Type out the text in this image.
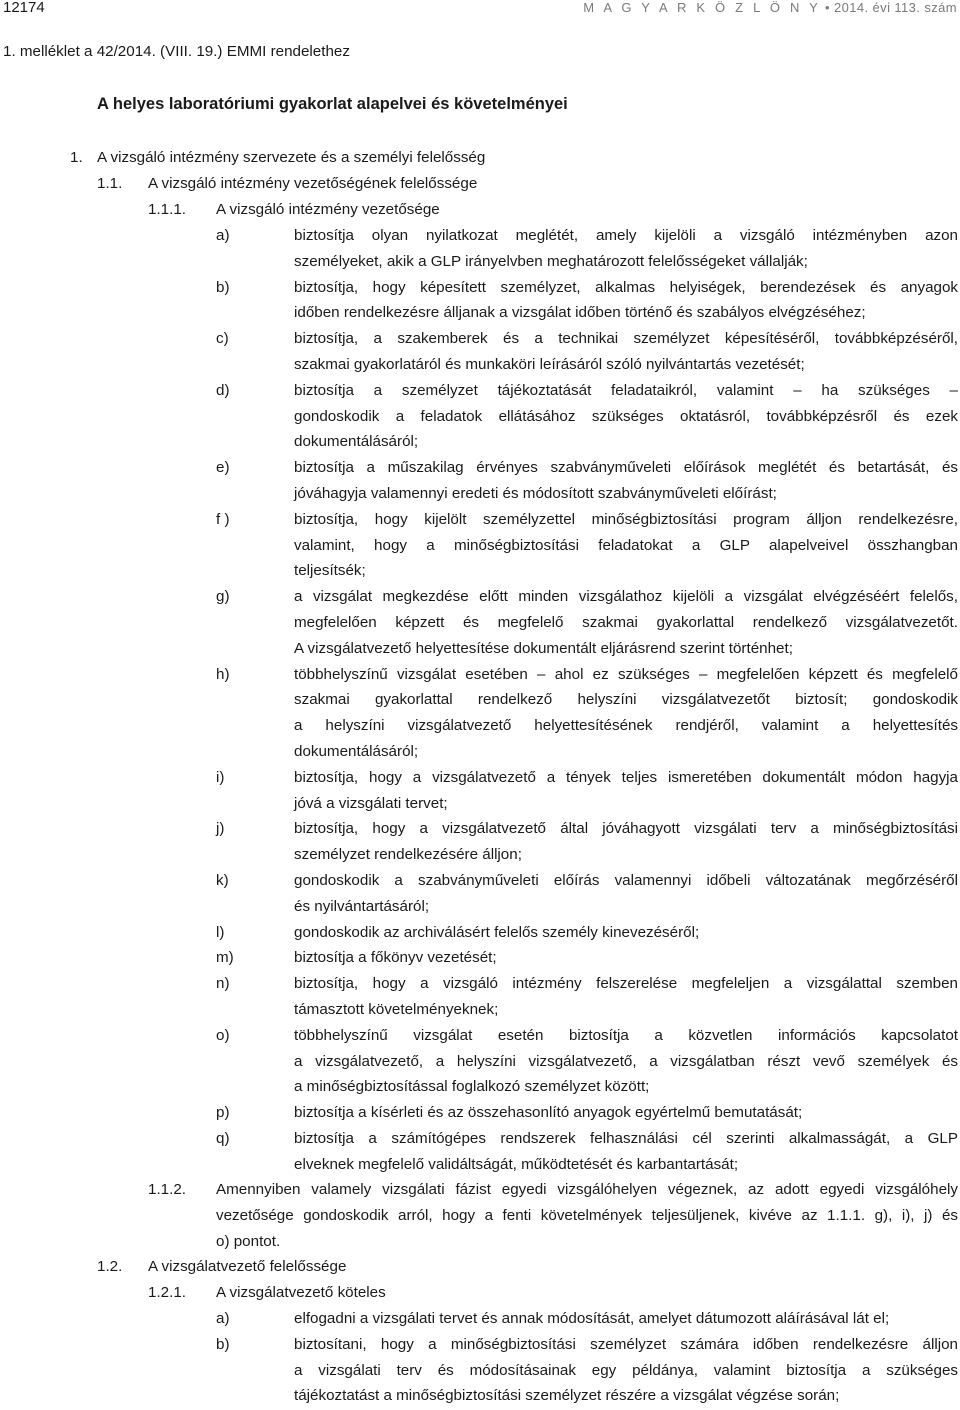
12174	M A G Y A R K Ö Z L Ö N Y • 2014. évi 113. szám
1. melléklet a 42/2014. (VIII. 19.) EMMI rendelethez
A helyes laboratóriumi gyakorlat alapelvei és követelményei
1. A vizsgáló intézmény szervezete és a személyi felelősség
1.1. A vizsgáló intézmény vezetőségének felelőssége
1.1.1. A vizsgáló intézmény vezetősége
a)	biztosítja olyan nyilatkozat meglétét, amely kijelöli a vizsgáló intézményben azon
személyeket, akik a GLP irányelvben meghatározott felelősségeket vállalják;
b)	biztosítja, hogy képesített személyzet, alkalmas helyiségek, berendezések és anyagok
időben rendelkezésre álljanak a vizsgálat időben történő és szabályos elvégzéséhez;
c)	biztosítja, a szakemberek és a technikai személyzet képesítéséről, továbbképzéséről,
szakmai gyakorlatáról és munkaköri leírásáról szóló nyilvántartás vezetését;
d)	biztosítja a személyzet tájékoztatását feladataikról, valamint – ha szükséges –
gondoskodik a feladatok ellátásához szükséges oktatásról, továbbképzésről és ezek
dokumentálásáról;
e)	biztosítja a műszakilag érvényes szabványműveleti előírások meglétét és betartását, és
jóváhagyja valamennyi eredeti és módosított szabványműveleti előírást;
f )	biztosítja, hogy kijelölt személyzettel minőségbiztosítási program álljon rendelkezésre,
valamint, hogy a minőségbiztosítási feladatokat a GLP alapelveivel összhangban
teljesítsék;
g)	a vizsgálat megkezdése előtt minden vizsgálathoz kijelöli a vizsgálat elvégzéséért felelős,
megfelelően képzett és megfelelő szakmai gyakorlattal rendelkező vizsgálatvezetőt.
A vizsgálatvezető helyettesítése dokumentált eljárásrend szerint történhet;
h)	többhelyszínű vizsgálat esetében – ahol ez szükséges – megfelelően képzett és megfelelő
szakmai gyakorlattal rendelkező helyszíni vizsgálatvezetőt biztosít; gondoskodik
a helyszíni vizsgálatvezető helyettesítésének rendjéről, valamint a helyettesítés
dokumentálásáról;
i)	biztosítja, hogy a vizsgálatvezető a tények teljes ismeretében dokumentált módon hagyja
jóvá a vizsgálati tervet;
j)	biztosítja, hogy a vizsgálatvezető által jóváhagyott vizsgálati terv a minőségbiztosítási
személyzet rendelkezésére álljon;
k)	gondoskodik a szabványműveleti előírás valamennyi időbeli változatának megőrzéséről
és nyilvántartásáról;
l)	gondoskodik az archiválásért felelős személy kinevezéséről;
m)	biztosítja a főkönyv vezetését;
n)	biztosítja, hogy a vizsgáló intézmény felszerelése megfeleljen a vizsgálattal szemben
támasztott követelményeknek;
o)	többhelyszínű vizsgálat esetén biztosítja a közvetlen információs kapcsolatot
a vizsgálatvezető, a helyszíni vizsgálatvezető, a vizsgálatban részt vevő személyek és
a minőségbiztosítással foglalkozó személyzet között;
p)	biztosítja a kísérleti és az összehasonlító anyagok egyértelmű bemutatását;
q)	biztosítja a számítógépes rendszerek felhasználási cél szerinti alkalmasságát, a GLP
elveknek megfelelő validáltságát, működtetését és karbantartását;
1.1.2. Amennyiben valamely vizsgálati fázist egyedi vizsgálóhelyen végeznek, az adott egyedi vizsgálóhely
vezetősége gondoskodik arról, hogy a fenti követelmények teljesüljenek, kivéve az 1.1.1. g), i), j) és
o) pontot.
1.2. A vizsgálatvezető felelőssége
1.2.1. A vizsgálatvezető köteles
a)	elfogadni a vizsgálati tervet és annak módosítását, amelyet dátumozott aláírásával lát el;
b)	biztosítani, hogy a minőségbiztosítási személyzet számára időben rendelkezésre álljon
a vizsgálati terv és módosításainak egy példánya, valamint biztosítja a szükséges
tájékoztatást a minőségbiztosítási személyzet részére a vizsgálat végzése során;
